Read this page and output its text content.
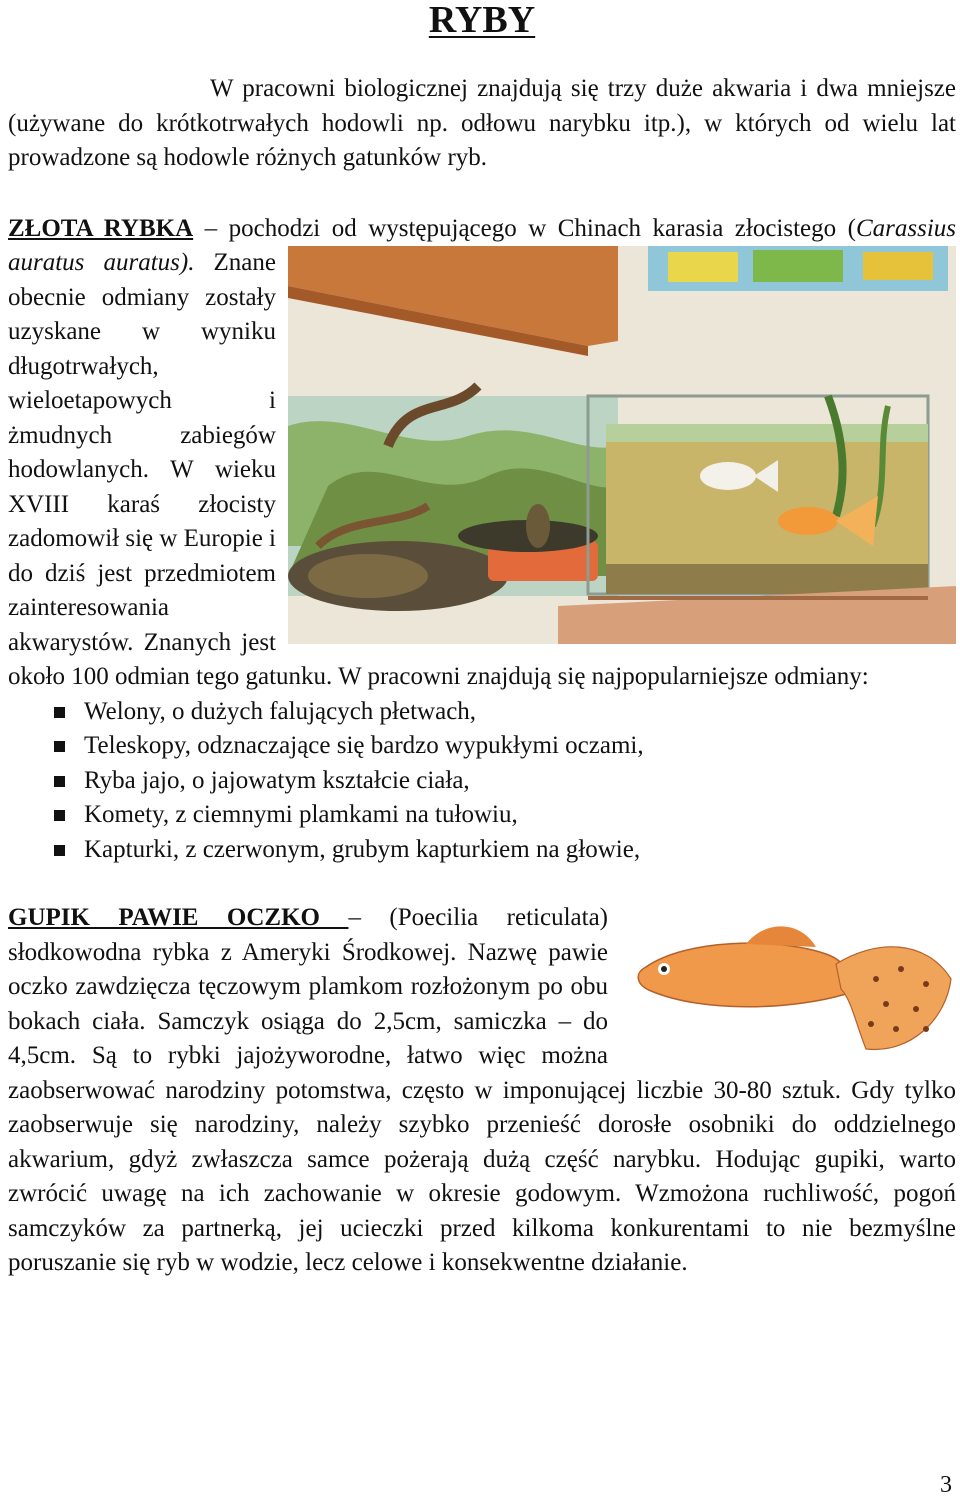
RYBY

W pracowni biologicznej znajdują się trzy duże akwaria i dwa mniejsze (używane do krótkotrwałych hodowli np. odłowu narybku itp.), w których od wielu lat prowadzone są hodowle różnych gatunków ryb.

ZŁOTA RYBKA – pochodzi od występującego w Chinach karasia złocistego (Carassius auratus auratus).
Znane obecnie odmiany zostały uzyskane w wyniku długotrwałych, wieloetapowych i żmudnych zabiegów hodowlanych. W wieku XVIII karaś złocisty zadomowił się w Europie i do dziś jest przedmiotem zainteresowania akwarystów. Znanych jest około 100 odmian tego gatunku. W pracowni znajdują się najpopularniejsze odmiany:

Welony, o dużych falujących płetwach,
Teleskopy, odznaczające się bardzo wypukłymi oczami,
Ryba jajo, o jajowatym kształcie ciała,
Komety, z ciemnymi plamkami na tułowiu,
Kapturki, z czerwonym, grubym kapturkiem na głowie,

GUPIK PAWIE OCZKO
– (Poecilia reticulata) słodkowodna rybka z Ameryki Środkowej. Nazwę pawie oczko zawdzięcza tęczowym plamkom rozłożonym po obu bokach ciała. Samczyk osiąga do 2,5cm, samiczka – do 4,5cm. Są to rybki jajożyworodne, łatwo więc można zaobserwować narodziny potomstwa, często w imponującej liczbie 30-80 sztuk. Gdy tylko zaobserwuje się narodziny, należy szybko przenieść dorosłe osobniki do oddzielnego akwarium, gdyż zwłaszcza samce pożerają dużą część narybku. Hodując gupiki, warto zwrócić uwagę na ich zachowanie w okresie godowym. Wzmożona ruchliwość, pogoń samczyków za partnerką, jej ucieczki przed kilkoma konkurentami to nie bezmyślne poruszanie się ryb w wodzie, lecz celowe i konsekwentne działanie.

3
